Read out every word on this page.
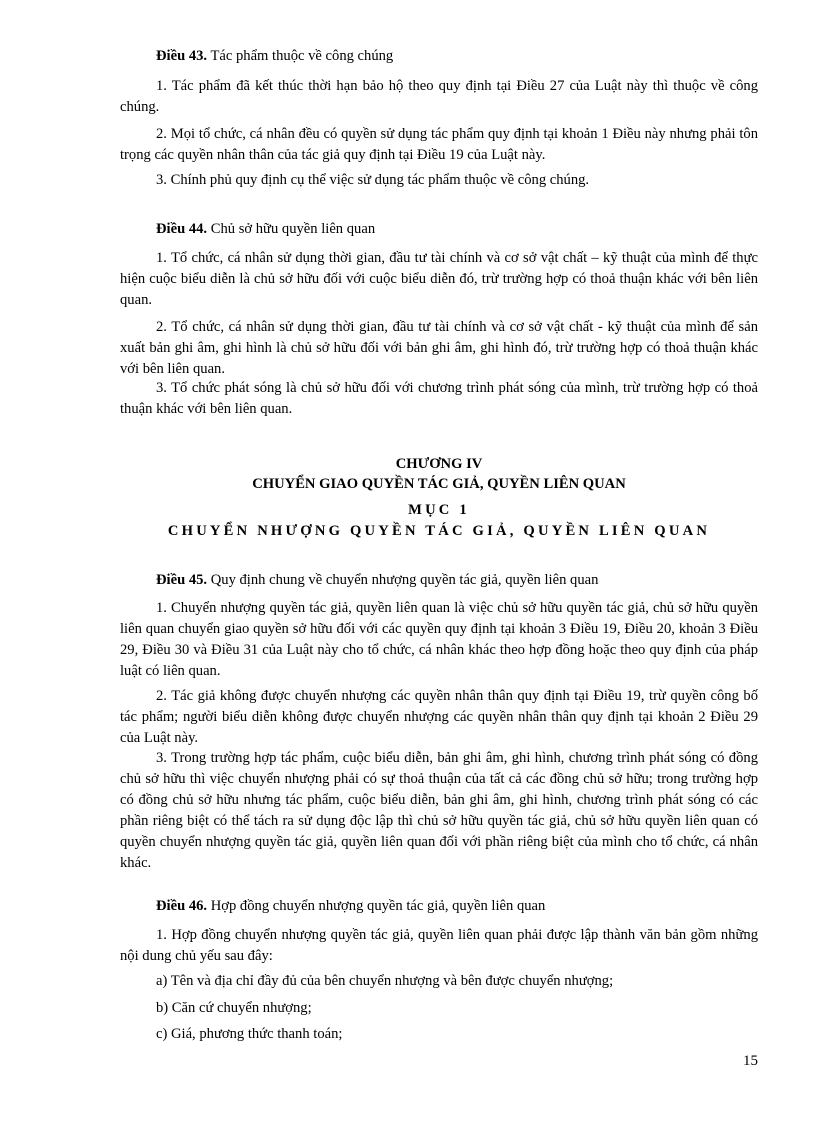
Điều 43. Tác phẩm thuộc về công chúng

1. Tác phẩm đã kết thúc thời hạn bảo hộ theo quy định tại Điều 27 của Luật này thì thuộc về công chúng.

2. Mọi tổ chức, cá nhân đều có quyền sử dụng tác phẩm quy định tại khoản 1 Điều này nhưng phải tôn trọng các quyền nhân thân của tác giả quy định tại Điều 19 của Luật này.

3. Chính phủ quy định cụ thể việc sử dụng tác phẩm thuộc về công chúng.

Điều 44. Chủ sở hữu quyền liên quan

1. Tổ chức, cá nhân sử dụng thời gian, đầu tư tài chính và cơ sở vật chất – kỹ thuật của mình để thực hiện cuộc biểu diễn là chủ sở hữu đối với cuộc biểu diễn đó, trừ trường hợp có thoả thuận khác với bên liên quan.

2. Tổ chức, cá nhân sử dụng thời gian, đầu tư tài chính và cơ sở vật chất - kỹ thuật của mình để sản xuất bản ghi âm, ghi hình là chủ sở hữu đối với bản ghi âm, ghi hình đó, trừ trường hợp có thoả thuận khác với bên liên quan.

3. Tổ chức phát sóng là chủ sở hữu đối với chương trình phát sóng của mình, trừ trường hợp có thoả thuận khác với bên liên quan.

CHƯƠNG IV

CHUYỂN GIAO QUYỀN TÁC GIẢ, QUYỀN LIÊN QUAN

MỤC 1

CHUYỂN NHƯỢNG QUYỀN TÁC GIẢ, QUYỀN LIÊN QUAN

Điều 45. Quy định chung về chuyển nhượng quyền tác giả, quyền liên quan

1. Chuyển nhượng quyền tác giả, quyền liên quan là việc chủ sở hữu quyền tác giả, chủ sở hữu quyền liên quan chuyển giao quyền sở hữu đối với các quyền quy định tại khoản 3 Điều 19, Điều 20, khoản 3 Điều 29, Điều 30 và Điều 31 của Luật này cho tổ chức, cá nhân khác theo hợp đồng hoặc theo quy định của pháp luật có liên quan.

2. Tác giả không được chuyển nhượng các quyền nhân thân quy định tại Điều 19, trừ quyền công bố tác phẩm; người biểu diễn không được chuyển nhượng các quyền nhân thân quy định tại khoản 2 Điều 29 của Luật này.

3. Trong trường hợp tác phẩm, cuộc biểu diễn, bản ghi âm, ghi hình, chương trình phát sóng có đồng chủ sở hữu thì việc chuyển nhượng phải có sự thoả thuận của tất cả các đồng chủ sở hữu; trong trường hợp có đồng chủ sở hữu nhưng tác phẩm, cuộc biểu diễn, bản ghi âm, ghi hình, chương trình phát sóng có các phần riêng biệt có thể tách ra sử dụng độc lập thì chủ sở hữu quyền tác giả, chủ sở hữu quyền liên quan có quyền chuyển nhượng quyền tác giả, quyền liên quan đối với phần riêng biệt của mình cho tổ chức, cá nhân khác.

Điều 46. Hợp đồng chuyển nhượng quyền tác giả, quyền liên quan

1. Hợp đồng chuyển nhượng quyền tác giả, quyền liên quan phải được lập thành văn bản gồm những nội dung chủ yếu sau đây:

a) Tên và địa chỉ đầy đủ của bên chuyển nhượng và bên được chuyển nhượng;

b) Căn cứ chuyển nhượng;

c) Giá, phương thức thanh toán;

15
